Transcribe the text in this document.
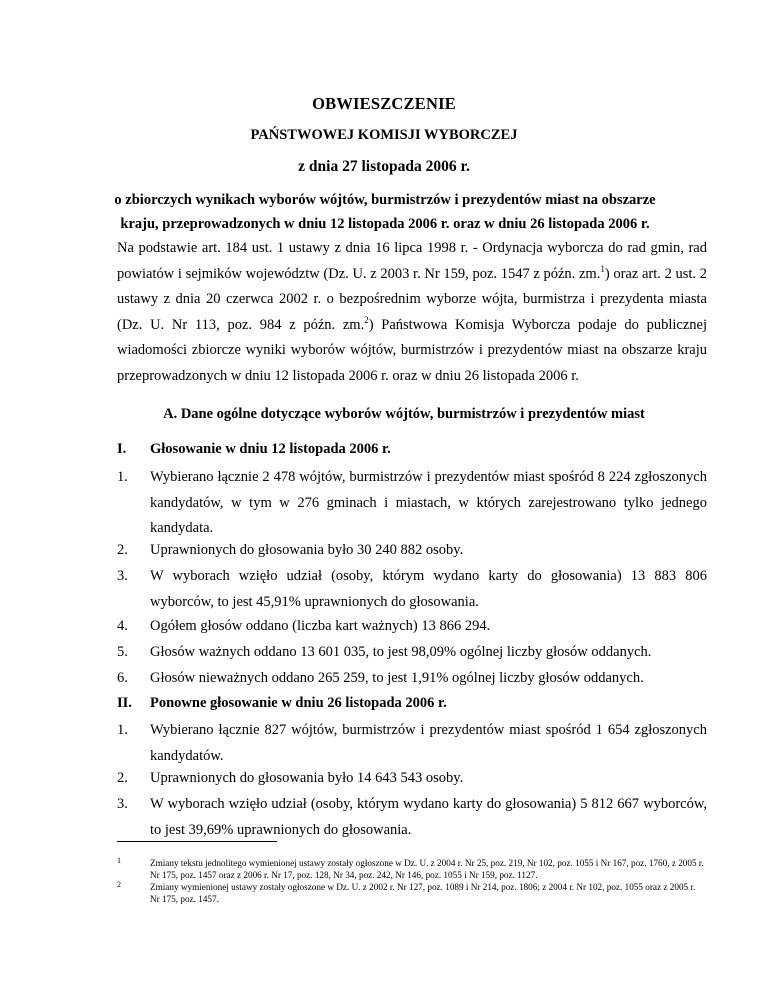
OBWIESZCZENIE
PAŃSTWOWEJ KOMISJI WYBORCZEJ
z dnia 27 listopada 2006 r.
o zbiorczych wynikach wyborów wójtów, burmistrzów i prezydentów miast na obszarze
kraju, przeprowadzonych w dniu 12 listopada 2006 r. oraz w dniu 26 listopada 2006 r.
Na podstawie art. 184 ust. 1 ustawy z dnia 16 lipca 1998 r. - Ordynacja wyborcza do rad gmin, rad powiatów i sejmików województw (Dz. U. z 2003 r. Nr 159, poz. 1547 z późn. zm.$^1$) oraz art. 2 ust. 2 ustawy z dnia 20 czerwca 2002 r. o bezpośrednim wyborze wójta, burmistrza i prezydenta miasta (Dz. U. Nr 113, poz. 984 z późn. zm.$^2$) Państwowa Komisja Wyborcza podaje do publicznej wiadomości zbiorcze wyniki wyborów wójtów, burmistrzów i prezydentów miast na obszarze kraju przeprowadzonych w dniu 12 listopada 2006 r. oraz w dniu 26 listopada 2006 r.
A. Dane ogólne dotyczące wyborów wójtów, burmistrzów i prezydentów miast
I. Głosowanie w dniu 12 listopada 2006 r.
1. Wybierano łącznie 2 478 wójtów, burmistrzów i prezydentów miast spośród 8 224 zgłoszonych kandydatów, w tym w 276 gminach i miastach, w których zarejestrowano tylko jednego kandydata.
2. Uprawnionych do głosowania było 30 240 882 osoby.
3. W wyborach wzięło udział (osoby, którym wydano karty do głosowania) 13 883 806 wyborców, to jest 45,91% uprawnionych do głosowania.
4. Ogółem głosów oddano (liczba kart ważnych) 13 866 294.
5. Głosów ważnych oddano 13 601 035, to jest 98,09% ogólnej liczby głosów oddanych.
6. Głosów nieważnych oddano 265 259, to jest 1,91% ogólnej liczby głosów oddanych.
II. Ponowne głosowanie w dniu 26 listopada 2006 r.
1. Wybierano łącznie 827 wójtów, burmistrzów i prezydentów miast spośród 1 654 zgłoszonych kandydatów.
2. Uprawnionych do głosowania było 14 643 543 osoby.
3. W wyborach wzięło udział (osoby, którym wydano karty do głosowania) 5 812 667 wyborców, to jest 39,69% uprawnionych do głosowania.
1	Zmiany tekstu jednolitego wymienionej ustawy zostały ogłoszone w Dz. U. z 2004 r. Nr 25, poz. 219, Nr 102, poz. 1055 i Nr 167, poz. 1760, z 2005 r. Nr 175, poz. 1457 oraz z 2006 r. Nr 17, poz. 128, Nr 34, poz. 242, Nr 146, poz. 1055 i Nr 159, poz. 1127.
2	Zmiany wymienionej ustawy zostały ogłoszone w Dz. U. z 2002 r. Nr 127, poz. 1089 i Nr 214, poz. 1806; z 2004 r. Nr 102, poz. 1055 oraz z 2005 r. Nr 175, poz. 1457.
